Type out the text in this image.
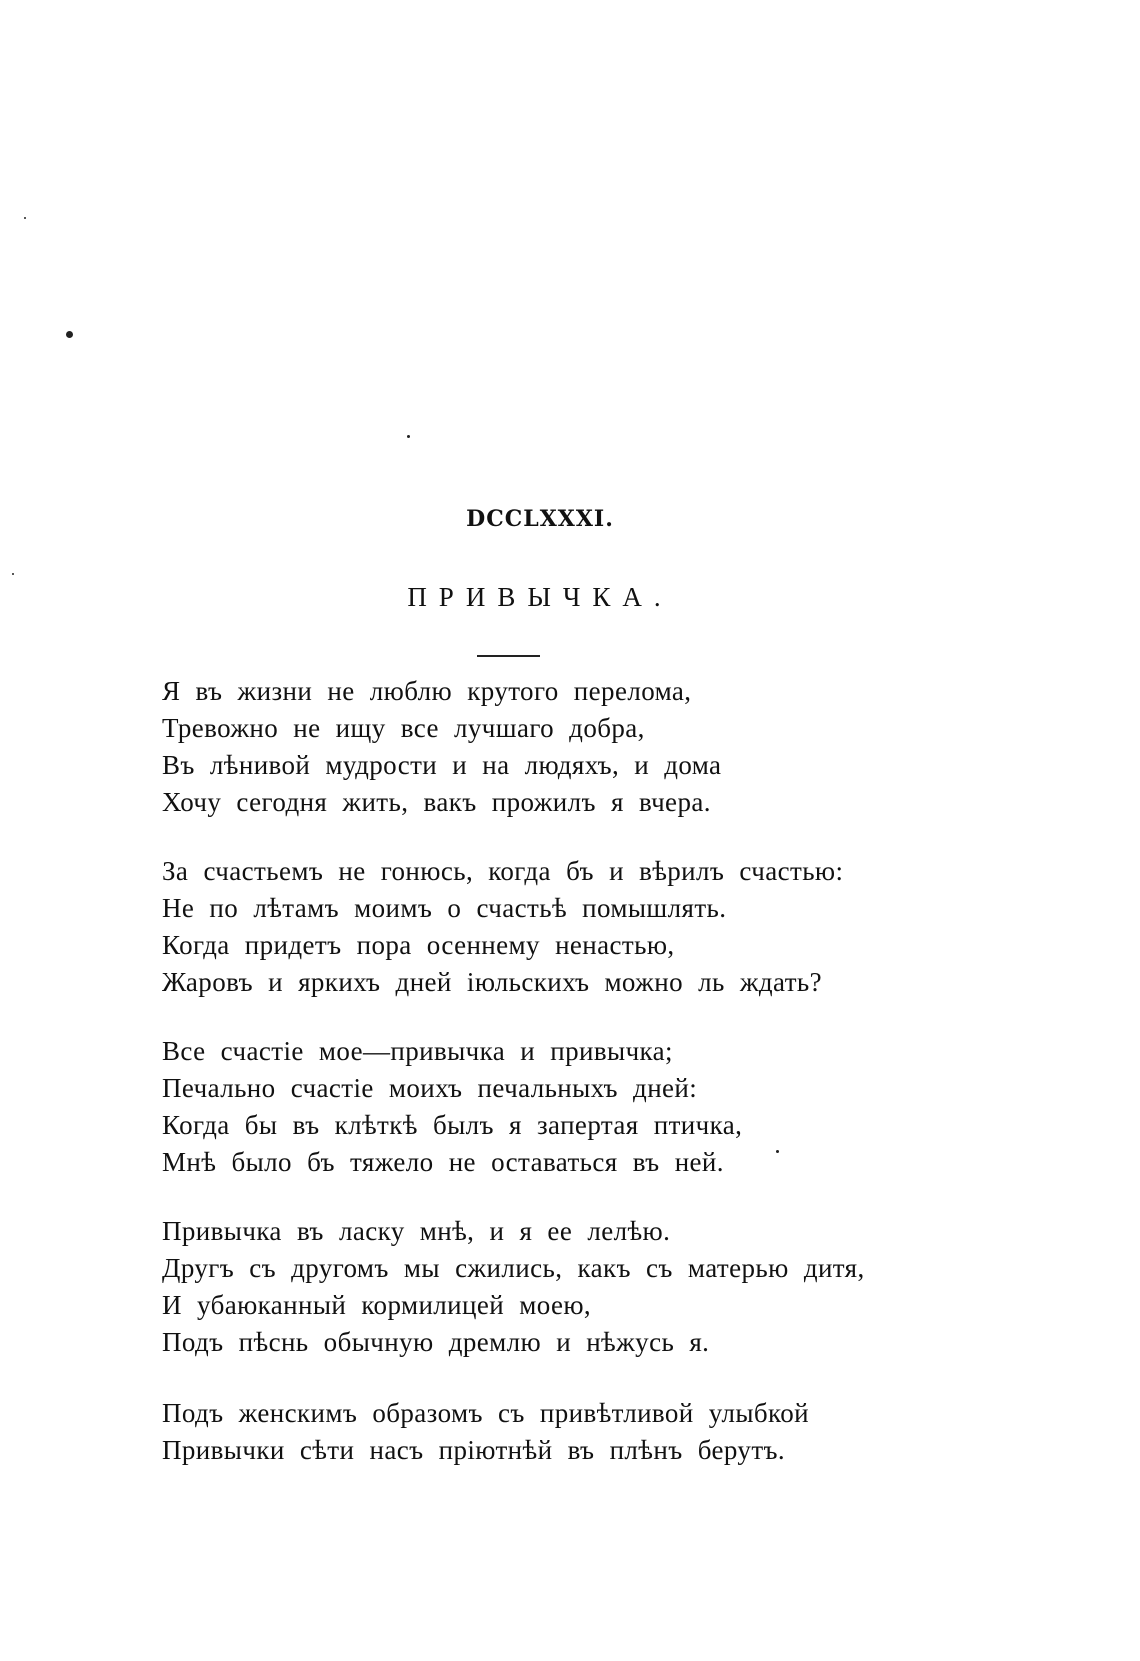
DCCLXXXI.
ПРИВЫЧКА.
Я въ жизни не люблю крутого перелома,
Тревожно не ищу все лучшаго добра,
Въ лѣнивой мудрости и на людяхъ, и дома
Хочу сегодня жить, вакъ прожилъ я вчера.
За счастьемъ не гонюсь, когда бъ и вѣрилъ счастью:
Не по лѣтамъ моимъ о счастьѣ помышлять.
Когда придетъ пора осеннему ненастью,
Жаровъ и яркихъ дней іюльскихъ можно ль ждать?
Все счастіе мое—привычка и привычка;
Печально счастіе моихъ печальныхъ дней:
Когда бы въ клѣткѣ былъ я запертая птичка,
Мнѣ было бъ тяжело не оставаться въ ней.
Привычка въ ласку мнѣ, и я ее лелѣю.
Другъ съ другомъ мы сжились, какъ съ матерью дитя,
И убаюканный кормилицей моею,
Подъ пѣснь обычную дремлю и нѣжусь я.
Подъ женскимъ образомъ съ привѣтливой улыбкой
Привычки сѣти насъ пріютнѣй въ плѣнъ берутъ.
